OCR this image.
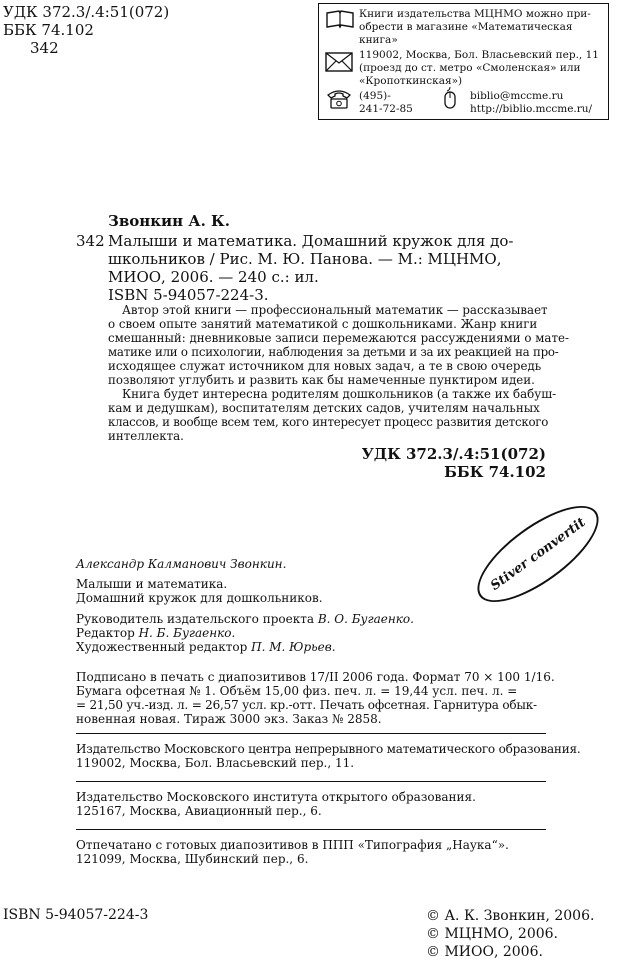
УДК 372.3/.4:51(072)
ББК 74.102
342
Книги издательства МЦНМО можно при-
обрести в магазине «Математическая
книга»
119002, Москва, Бол. Власьевский пер., 11
(проезд до ст. метро «Смоленская» или
«Кропоткинская»)
(495)-
241-72-85
biblio@mccme.ru
http://biblio.mccme.ru/
Звонкин А. К.
342 Малыши и математика. Домашний кружок для до-
школьников / Рис. М. Ю. Панова. — М.: МЦНМО,
МИОО, 2006. — 240 с.: ил.
ISBN 5-94057-224-3.
Автор этой книги — профессиональный математик — рассказывает
о своем опыте занятий математикой с дошкольниками. Жанр книги
смешанный: дневниковые записи перемежаются рассуждениями о мате-
матике или о психологии, наблюдения за детьми и за их реакцией на про-
исходящее служат источником для новых задач, а те в свою очередь
позволяют углубить и развить как бы намеченные пунктиром идеи.
Книга будет интересна родителям дошкольников (а также их бабуш-
кам и дедушкам), воспитателям детских садов, учителям начальных
классов, и вообще всем тем, кого интересует процесс развития детского
интеллекта.
УДК 372.3/.4:51(072)
ББК 74.102
Stiver convertit
Александр Калманович Звонкин.
Малыши и математика.
Домашний кружок для дошкольников.
Руководитель издательского проекта В. О. Бугаенко.
Редактор Н. Б. Бугаенко.
Художественный редактор П. М. Юрьев.
Подписано в печать с диапозитивов 17/II 2006 года. Формат 70 × 100 1/16.
Бумага офсетная № 1. Объём 15,00 физ. печ. л. = 19,44 усл. печ. л. =
= 21,50 уч.-изд. л. = 26,57 усл. кр.-отт. Печать офсетная. Гарнитура обык-
новенная новая. Тираж 3000 экз. Заказ № 2858.
Издательство Московского центра непрерывного математического образования.
119002, Москва, Бол. Власьевский пер., 11.
Издательство Московского института открытого образования.
125167, Москва, Авиационный пер., 6.
Отпечатано с готовых диапозитивов в ППП «Типография „Наука“».
121099, Москва, Шубинский пер., 6.
ISBN 5-94057-224-3	© А. К. Звонкин, 2006.
© МЦНМО, 2006.
© МИОО, 2006.
